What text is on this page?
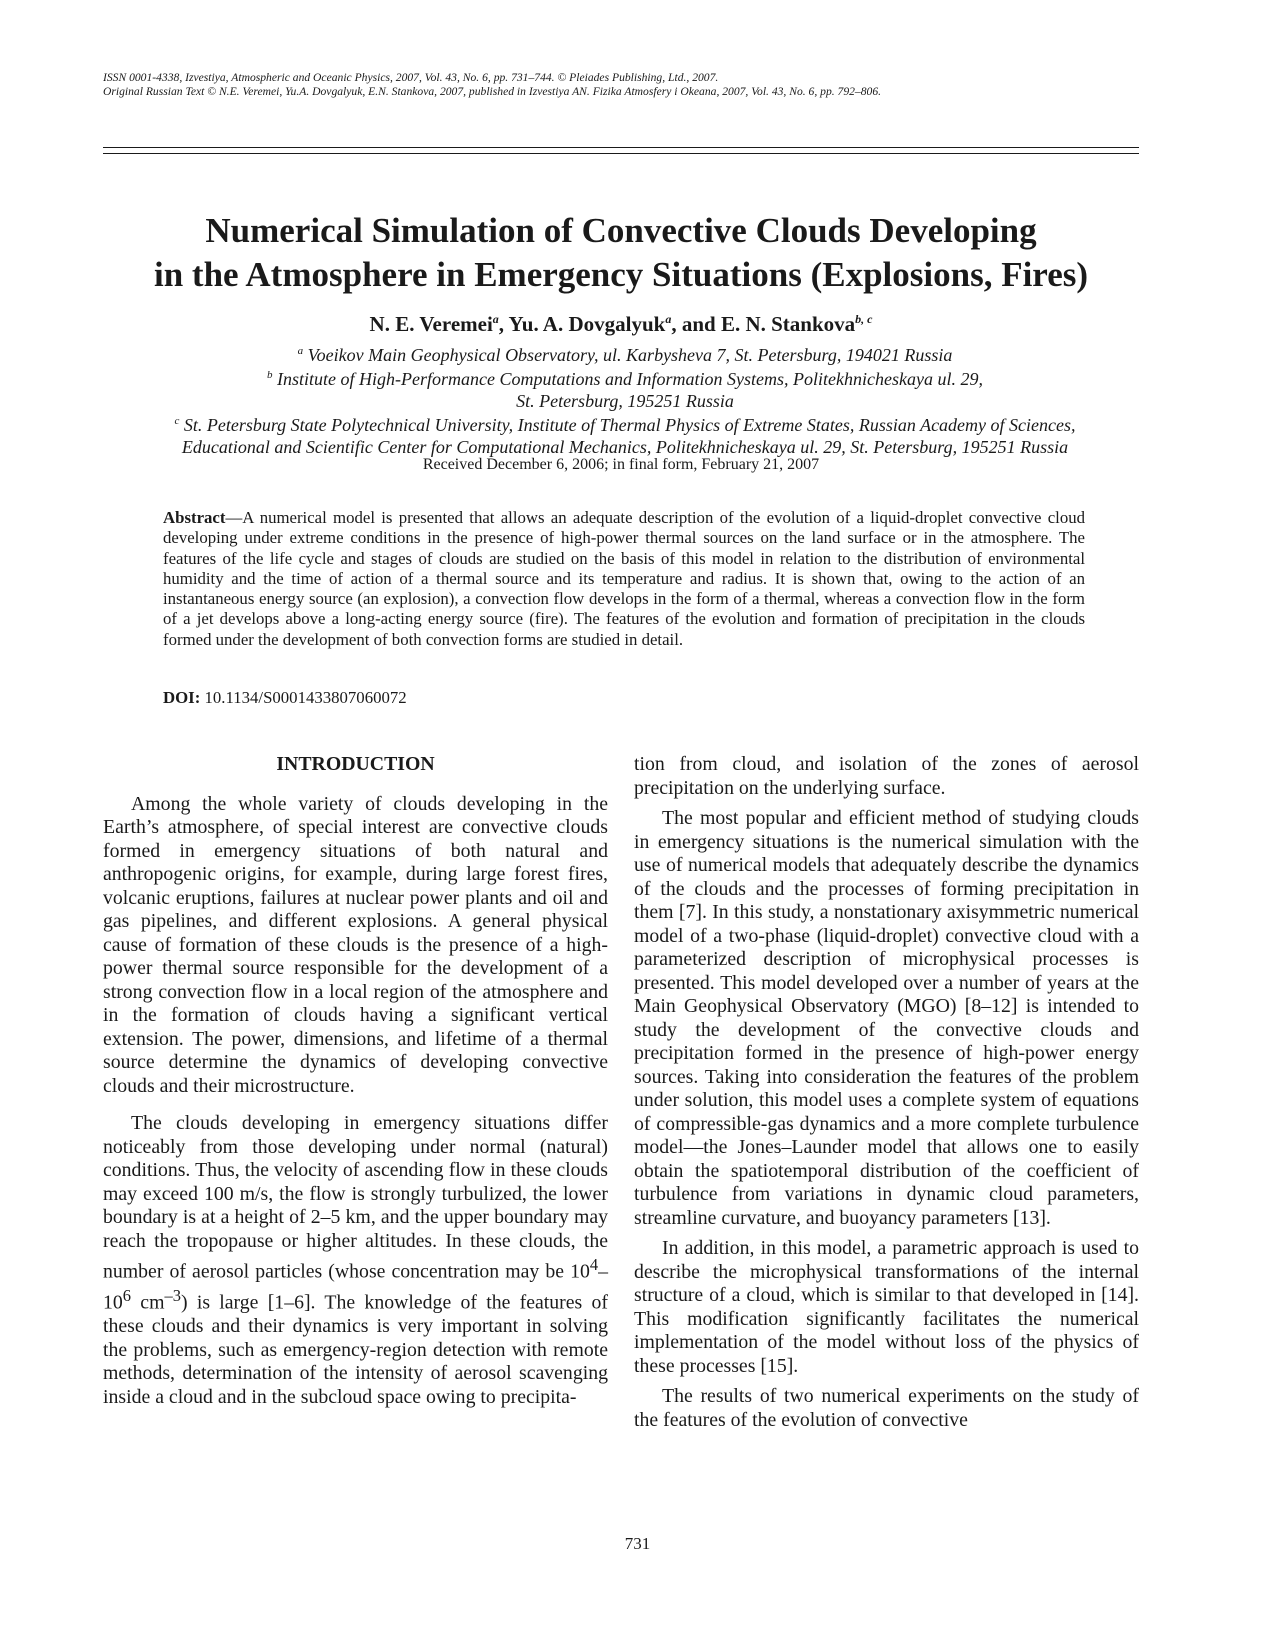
ISSN 0001-4338, Izvestiya, Atmospheric and Oceanic Physics, 2007, Vol. 43, No. 6, pp. 731–744. © Pleiades Publishing, Ltd., 2007.
Original Russian Text © N.E. Veremei, Yu.A. Dovgalyuk, E.N. Stankova, 2007, published in Izvestiya AN. Fizika Atmosfery i Okeana, 2007, Vol. 43, No. 6, pp. 792–806.
Numerical Simulation of Convective Clouds Developing
in the Atmosphere in Emergency Situations (Explosions, Fires)
N. E. Veremei$^a$, Yu. A. Dovgalyuk$^a$, and E. N. Stankova$^{b, c}$
$^a$ Voeikov Main Geophysical Observatory, ul. Karbysheva 7, St. Petersburg, 194021 Russia
$^b$ Institute of High-Performance Computations and Information Systems, Politekhnicheskaya ul. 29,
St. Petersburg, 195251 Russia
$^c$ St. Petersburg State Polytechnical University, Institute of Thermal Physics of Extreme States, Russian Academy of Sciences,
Educational and Scientific Center for Computational Mechanics, Politekhnicheskaya ul. 29, St. Petersburg, 195251 Russia
Received December 6, 2006; in final form, February 21, 2007

Abstract—A numerical model is presented that allows an adequate description of the evolution of a liquid-droplet convective cloud developing under extreme conditions in the presence of high-power thermal sources on the land surface or in the atmosphere. The features of the life cycle and stages of clouds are studied on the basis of this model in relation to the distribution of environmental humidity and the time of action of a thermal source and its temperature and radius. It is shown that, owing to the action of an instantaneous energy source (an explosion), a convection flow develops in the form of a thermal, whereas a convection flow in the form of a jet develops above a long-acting energy source (fire). The features of the evolution and formation of precipitation in the clouds formed under the development of both convection forms are studied in detail.

DOI: 10.1134/S0001433807060072
INTRODUCTION

Among the whole variety of clouds developing in the Earth’s atmosphere, of special interest are convective clouds formed in emergency situations of both natural and anthropogenic origins, for example, during large forest fires, volcanic eruptions, failures at nuclear power plants and oil and gas pipelines, and different explosions. A general physical cause of formation of these clouds is the presence of a high-power thermal source responsible for the development of a strong convection flow in a local region of the atmosphere and in the formation of clouds having a significant vertical extension. The power, dimensions, and lifetime of a thermal source determine the dynamics of developing convective clouds and their microstructure.

The clouds developing in emergency situations differ noticeably from those developing under normal (natural) conditions. Thus, the velocity of ascending flow in these clouds may exceed 100 m/s, the flow is strongly turbulized, the lower boundary is at a height of 2–5 km, and the upper boundary may reach the tropopause or higher altitudes. In these clouds, the number of aerosol particles (whose concentration may be $10^4-10^6$ $cm^{-3}$) is large [1–6]. The knowledge of the features of these clouds and their dynamics is very important in solving the problems, such as emergency-region detection with remote methods, determination of the intensity of aerosol scavenging inside a cloud and in the subcloud space owing to precipita-

tion from cloud, and isolation of the zones of aerosol precipitation on the underlying surface.

The most popular and efficient method of studying clouds in emergency situations is the numerical simulation with the use of numerical models that adequately describe the dynamics of the clouds and the processes of forming precipitation in them [7]. In this study, a nonstationary axisymmetric numerical model of a two-phase (liquid-droplet) convective cloud with a parameterized description of microphysical processes is presented. This model developed over a number of years at the Main Geophysical Observatory (MGO) [8–12] is intended to study the development of the convective clouds and precipitation formed in the presence of high-power energy sources. Taking into consideration the features of the problem under solution, this model uses a complete system of equations of compressible-gas dynamics and a more complete turbulence model—the Jones–Launder model that allows one to easily obtain the spatiotemporal distribution of the coefficient of turbulence from variations in dynamic cloud parameters, streamline curvature, and buoyancy parameters [13].

In addition, in this model, a parametric approach is used to describe the microphysical transformations of the internal structure of a cloud, which is similar to that developed in [14]. This modification significantly facilitates the numerical implementation of the model without loss of the physics of these processes [15].

The results of two numerical experiments on the study of the features of the evolution of convective

731
